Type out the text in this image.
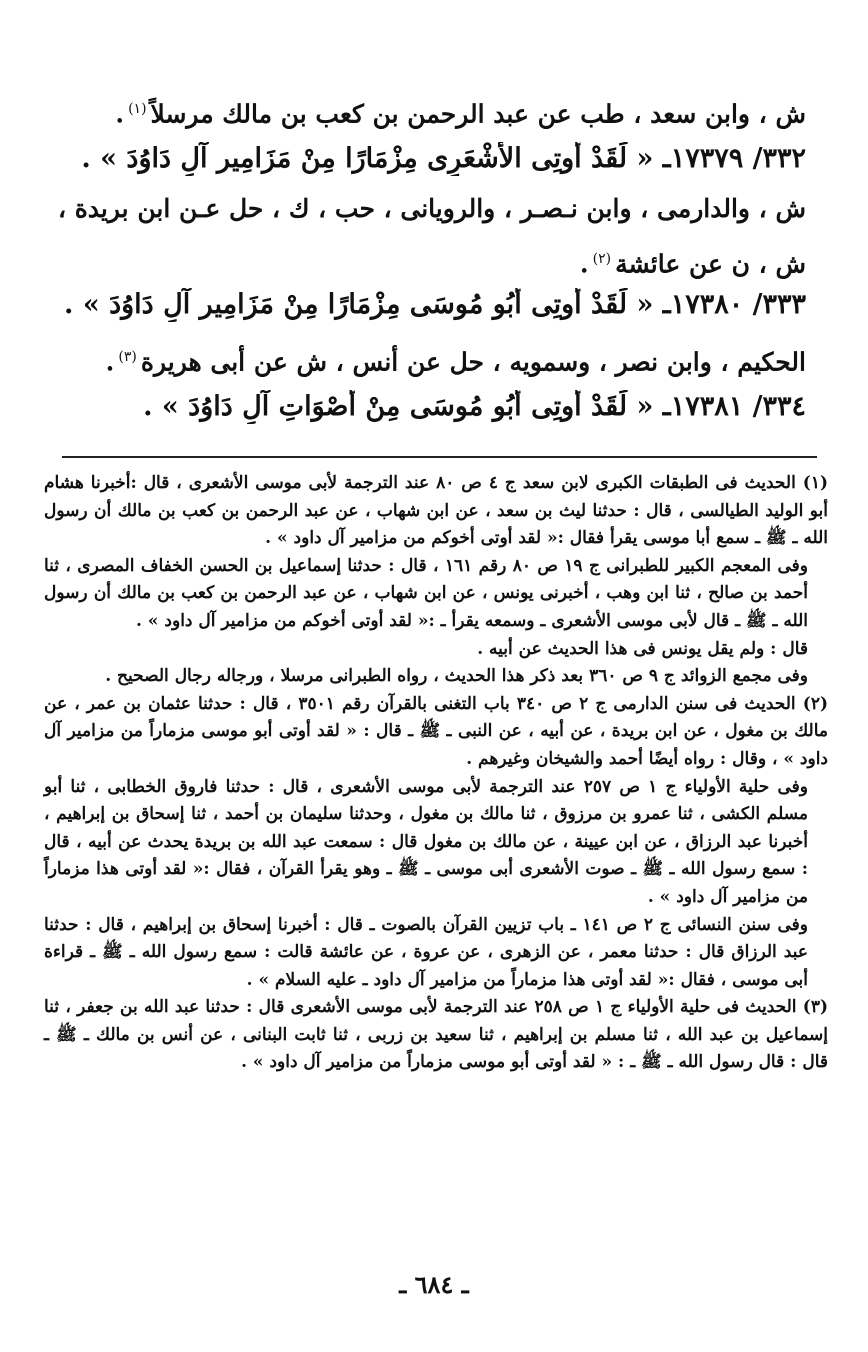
ش ، وابن سعد ، طب عن عبد الرحمن بن كعب بن مالك مرسلاً$^{(١)}$.
٣٣٢/ ١٧٣٧٩ـ « لَقَدْ أُوتِى الأَشْعَرِى مِزْمَارًا مِنْ مَزَامِير آلِ دَاوُدَ » .
ش ، والدارمى ، وابن نـصـر ، والرويانى ، حب ، ك ، حل عـن ابن بريدة ، ش ، ن عن عائشة$^{(٢)}$.
٣٣٣/ ١٧٣٨٠ـ « لَقَدْ أُوتِى أَبُو مُوسَى مِزْمَارًا مِنْ مَزَامِير آلِ دَاوُدَ » .
الحكيم ، وابن نصر ، وسمويه ، حل عن أنس ، ش عن أبى هريرة$^{(٣)}$.
٣٣٤/ ١٧٣٨١ـ « لَقَدْ أُوتِى أَبُو مُوسَى مِنْ أَصْوَاتِ آلِ دَاوُدَ » .

(١) الحديث فى الطبقات الكبرى لابن سعد ج ٤ ص ٨٠ عند الترجمة لأبى موسى الأشعرى ، قال :أخبرنا هشام أبو الوليد الطيالسى ، قال : حدثنا ليث بن سعد ، عن ابن شهاب ، عن عبد الرحمن بن كعب بن مالك أن رسول الله ـ ﷺ ـ سمع أبا موسى يقرأ فقال :« لقد أوتى أخوكم من مزامير آل داود » .

وفى المعجم الكبير للطبرانى ج ١٩ ص ٨٠ رقم ١٦١ ، قال : حدثنا إسماعيل بن الحسن الخفاف المصرى ، ثنا أحمد بن صالح ، ثنا ابن وهب ، أخبرنى يونس ، عن ابن شهاب ، عن عبد الرحمن بن كعب بن مالك أن رسول الله ـ ﷺ ـ قال لأبى موسى الأشعرى ـ وسمعه يقرأ ـ :« لقد أوتى أخوكم من مزامير آل داود » .

قال : ولم يقل يونس فى هذا الحديث عن أبيه .

وفى مجمع الزوائد ج ٩ ص ٣٦٠ بعد ذكر هذا الحديث ، رواه الطبرانى مرسلا ، ورجاله رجال الصحيح .

(٢) الحديث فى سنن الدارمى ج ٢ ص ٣٤٠ باب التغنى بالقرآن رقم ٣٥٠١ ، قال : حدثنا عثمان بن عمر ، عن مالك بن مغول ، عن ابن بريدة ، عن أبيه ، عن النبى ـ ﷺ ـ قال : « لقد أوتى أبو موسى مزماراً من مزامير آل داود » ، وقال : رواه أيضًا أحمد والشيخان وغيرهم .

وفى حلية الأولياء ج ١ ص ٢٥٧ عند الترجمة لأبى موسى الأشعرى ، قال : حدثنا فاروق الخطابى ، ثنا أبو مسلم الكشى ، ثنا عمرو بن مرزوق ، ثنا مالك بن مغول ، وحدثنا سليمان بن أحمد ، ثنا إسحاق بن إبراهيم ، أخبرنا عبد الرزاق ، عن ابن عيينة ، عن مالك بن مغول قال : سمعت عبد الله بن بريدة يحدث عن أبيه ، قال : سمع رسول الله ـ ﷺ ـ صوت الأشعرى أبى موسى ـ ﷺ ـ وهو يقرأ القرآن ، فقال :« لقد أوتى هذا مزماراً من مزامير آل داود » .

وفى سنن النسائى ج ٢ ص ١٤١ ـ باب تزيين القرآن بالصوت ـ قال : أخبرنا إسحاق بن إبراهيم ، قال : حدثنا عبد الرزاق قال : حدثنا معمر ، عن الزهرى ، عن عروة ، عن عائشة قالت : سمع رسول الله ـ ﷺ ـ قراءة أبى موسى ، فقال :« لقد أوتى هذا مزماراً من مزامير آل داود ـ عليه السلام » .

(٣) الحديث فى حلية الأولياء ج ١ ص ٢٥٨ عند الترجمة لأبى موسى الأشعرى قال : حدثنا عبد الله بن جعفر ، ثنا إسماعيل بن عبد الله ، ثنا مسلم بن إبراهيم ، ثنا سعيد بن زربى ، ثنا ثابت البنانى ، عن أنس بن مالك ـ ﷺ ـ قال : قال رسول الله ـ ﷺ ـ : « لقد أوتى أبو موسى مزماراً من مزامير آل داود » .

ـ ٦٨٤ ـ
